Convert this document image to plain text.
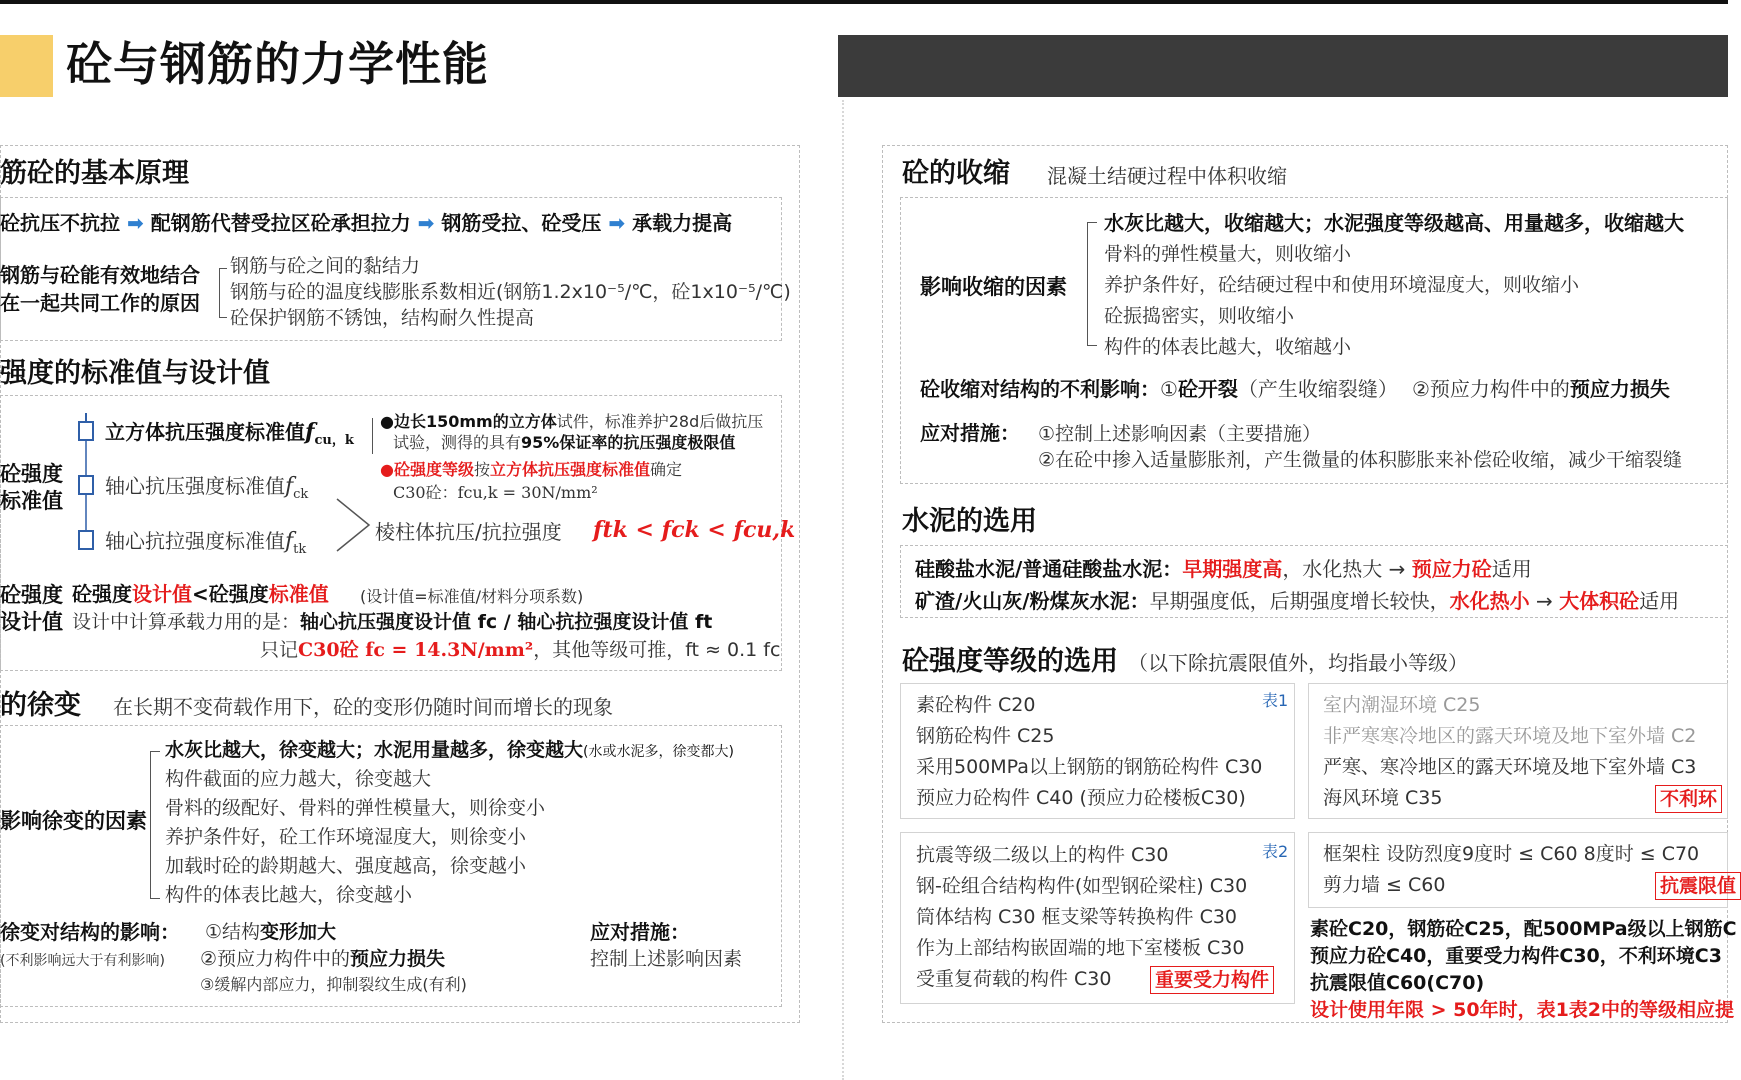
砼与钢筋的力学性能
筋砼的基本原理
砼抗压不抗拉 ➡ 配钢筋代替受拉区砼承担拉力 ➡ 钢筋受拉、砼受压 ➡ 承载力提高
钢筋与砼能有效地结合
在一起共同工作的原因
钢筋与砼之间的黏结力
钢筋与砼的温度线膨胀系数相近(钢筋1.2x10⁻⁵/℃，砼1x10⁻⁵/℃)
砼保护钢筋不锈蚀，结构耐久性提高
强度的标准值与设计值
砼强度
标准值
立方体抗压强度标准值$f_{cu,k}$
●边长150mm的立方体试件，标准养护28d后做抗压
试验，测得的具有95%保证率的抗压强度极限值
●砼强度等级按立方体抗压强度标准值确定
C30砼：fcu,k = 30N/mm²
轴心抗压强度标准值$f_{ck}$
轴心抗拉强度标准值$f_{tk}$
棱柱体抗压/抗拉强度 ftk < fck < fcu,k
砼强度
设计值
砼强度设计值<砼强度标准值 (设计值=标准值/材料分项系数)
设计中计算承载力用的是：轴心抗压强度设计值 fc / 轴心抗拉强度设计值 ft
只记C30砼 fc = 14.3N/mm²，其他等级可推，ft ≈ 0.1 fc
的徐变 在长期不变荷载作用下，砼的变形仍随时间而增长的现象
影响徐变的因素
水灰比越大，徐变越大；水泥用量越多，徐变越大(水或水泥多，徐变都大)
构件截面的应力越大，徐变越大
骨料的级配好、骨料的弹性模量大，则徐变小
养护条件好，砼工作环境湿度大，则徐变小
加载时砼的龄期越大、强度越高，徐变越小
构件的体表比越大，徐变越小
徐变对结构的影响：
(不利影响远大于有利影响)
①结构变形加大
②预应力构件中的预应力损失
③缓解内部应力，抑制裂纹生成(有利)
应对措施：
控制上述影响因素
砼的收缩 混凝土结硬过程中体积收缩
影响收缩的因素
水灰比越大，收缩越大；水泥强度等级越高、用量越多，收缩越大
骨料的弹性模量大，则收缩小
养护条件好，砼结硬过程中和使用环境湿度大，则收缩小
砼振捣密实，则收缩小
构件的体表比越大，收缩越小
砼收缩对结构的不利影响：①砼开裂（产生收缩裂缝） ②预应力构件中的预应力损失
应对措施： ①控制上述影响因素（主要措施）
②在砼中掺入适量膨胀剂，产生微量的体积膨胀来补偿砼收缩，减少干缩裂缝
水泥的选用
硅酸盐水泥/普通硅酸盐水泥：早期强度高，水化热大 → 预应力砼适用
矿渣/火山灰/粉煤灰水泥：早期强度低，后期强度增长较快，水化热小 → 大体积砼适用
砼强度等级的选用 （以下除抗震限值外，均指最小等级）
表1
素砼构件 C20
钢筋砼构件 C25
采用500MPa以上钢筋的钢筋砼构件 C30
预应力砼构件 C40 (预应力砼楼板C30)
室内潮湿环境 C25
非严寒寒冷地区的露天环境及地下室外墙 C2
严寒、寒冷地区的露天环境及地下室外墙 C3
海风环境 C35	不利环
表2
抗震等级二级以上的构件 C30
钢-砼组合结构构件(如型钢砼梁柱) C30
筒体结构 C30 框支梁等转换构件 C30
作为上部结构嵌固端的地下室楼板 C30
受重复荷载的构件 C30 重要受力构件
框架柱 设防烈度9度时 ≤ C60 8度时 ≤ C70
剪力墙 ≤ C60	抗震限值
素砼C20，钢筋砼C25，配500MPa级以上钢筋C
预应力砼C40，重要受力构件C30，不利环境C3
抗震限值C60(C70)
设计使用年限 > 50年时，表1表2中的等级相应提
